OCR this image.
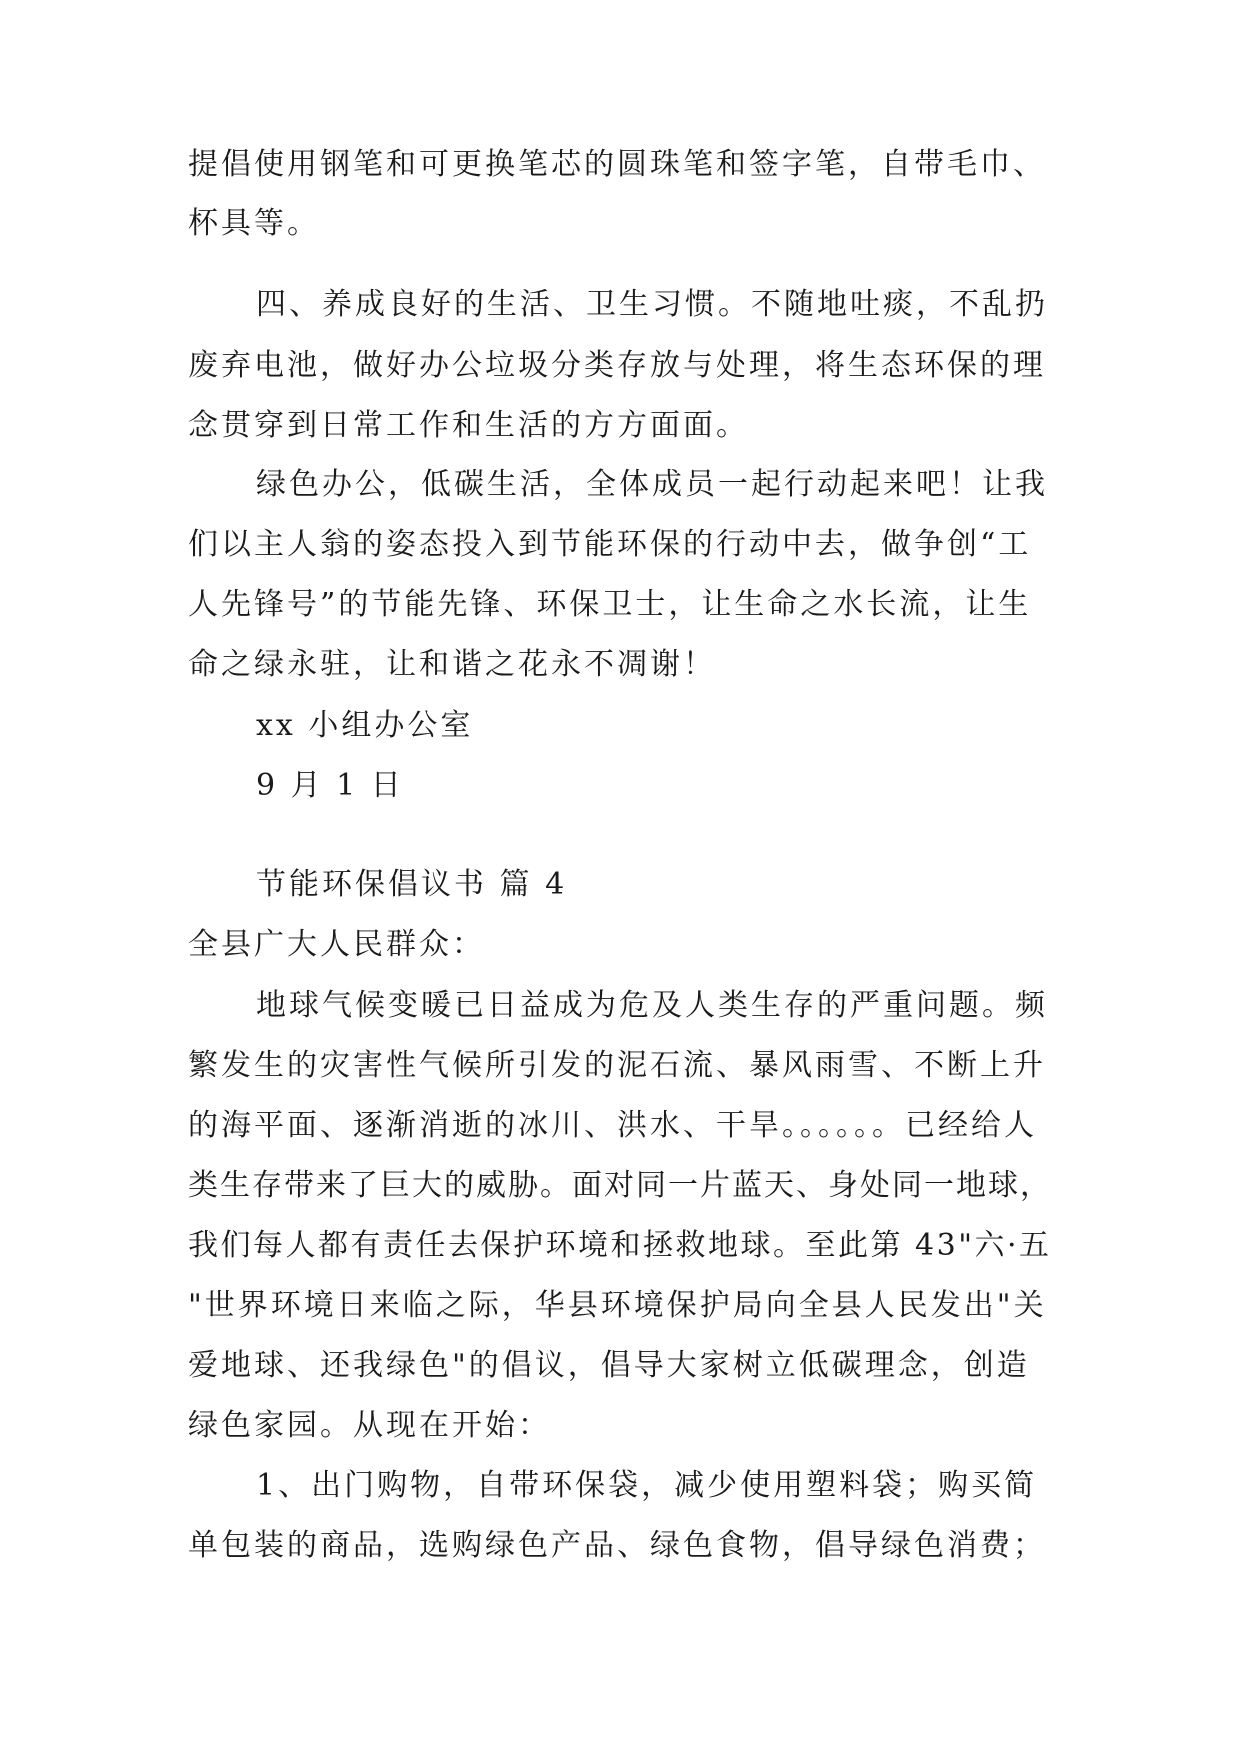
提倡使用钢笔和可更换笔芯的圆珠笔和签字笔，自带毛巾、
杯具等。
四、养成良好的生活、卫生习惯。不随地吐痰，不乱扔
废弃电池，做好办公垃圾分类存放与处理，将生态环保的理
念贯穿到日常工作和生活的方方面面。
绿色办公，低碳生活，全体成员一起行动起来吧！让我
们以主人翁的姿态投入到节能环保的行动中去，做争创“工
人先锋号”的节能先锋、环保卫士，让生命之水长流，让生
命之绿永驻，让和谐之花永不凋谢！
xx 小组办公室
9 月 1 日
节能环保倡议书 篇 4
全县广大人民群众：
地球气候变暖已日益成为危及人类生存的严重问题。频
繁发生的灾害性气候所引发的泥石流、暴风雨雪、不断上升
的海平面、逐渐消逝的冰川、洪水、干旱。。。。。。已经给人
类生存带来了巨大的威胁。面对同一片蓝天、身处同一地球，
我们每人都有责任去保护环境和拯救地球。至此第 43"六·五
"世界环境日来临之际，华县环境保护局向全县人民发出"关
爱地球、还我绿色"的倡议，倡导大家树立低碳理念，创造
绿色家园。从现在开始：
1、出门购物，自带环保袋，减少使用塑料袋；购买简
单包装的商品，选购绿色产品、绿色食物，倡导绿色消费；
